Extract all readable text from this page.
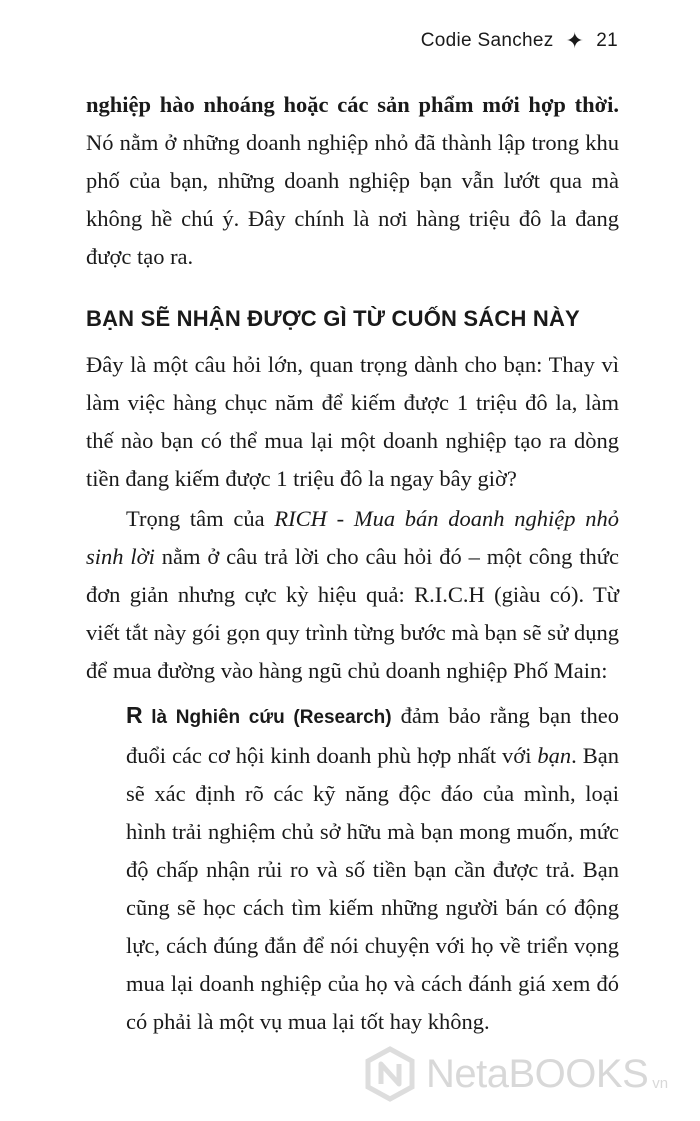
Codie Sanchez ✦ 21

nghiệp hào nhoáng hoặc các sản phẩm mới hợp thời. Nó nằm ở những doanh nghiệp nhỏ đã thành lập trong khu phố của bạn, những doanh nghiệp bạn vẫn lướt qua mà không hề chú ý. Đây chính là nơi hàng triệu đô la đang được tạo ra.

BẠN SẼ NHẬN ĐƯỢC GÌ TỪ CUỐN SÁCH NÀY

Đây là một câu hỏi lớn, quan trọng dành cho bạn: Thay vì làm việc hàng chục năm để kiếm được 1 triệu đô la, làm thế nào bạn có thể mua lại một doanh nghiệp tạo ra dòng tiền đang kiếm được 1 triệu đô la ngay bây giờ?

Trọng tâm của RICH - Mua bán doanh nghiệp nhỏ sinh lời nằm ở câu trả lời cho câu hỏi đó – một công thức đơn giản nhưng cực kỳ hiệu quả: R.I.C.H (giàu có). Từ viết tắt này gói gọn quy trình từng bước mà bạn sẽ sử dụng để mua đường vào hàng ngũ chủ doanh nghiệp Phố Main:

R là Nghiên cứu (Research) đảm bảo rằng bạn theo đuổi các cơ hội kinh doanh phù hợp nhất với bạn. Bạn sẽ xác định rõ các kỹ năng độc đáo của mình, loại hình trải nghiệm chủ sở hữu mà bạn mong muốn, mức độ chấp nhận rủi ro và số tiền bạn cần được trả. Bạn cũng sẽ học cách tìm kiếm những người bán có động lực, cách đúng đắn để nói chuyện với họ về triển vọng mua lại doanh nghiệp của họ và cách đánh giá xem đó có phải là một vụ mua lại tốt hay không.

NetaBOOKS vn
